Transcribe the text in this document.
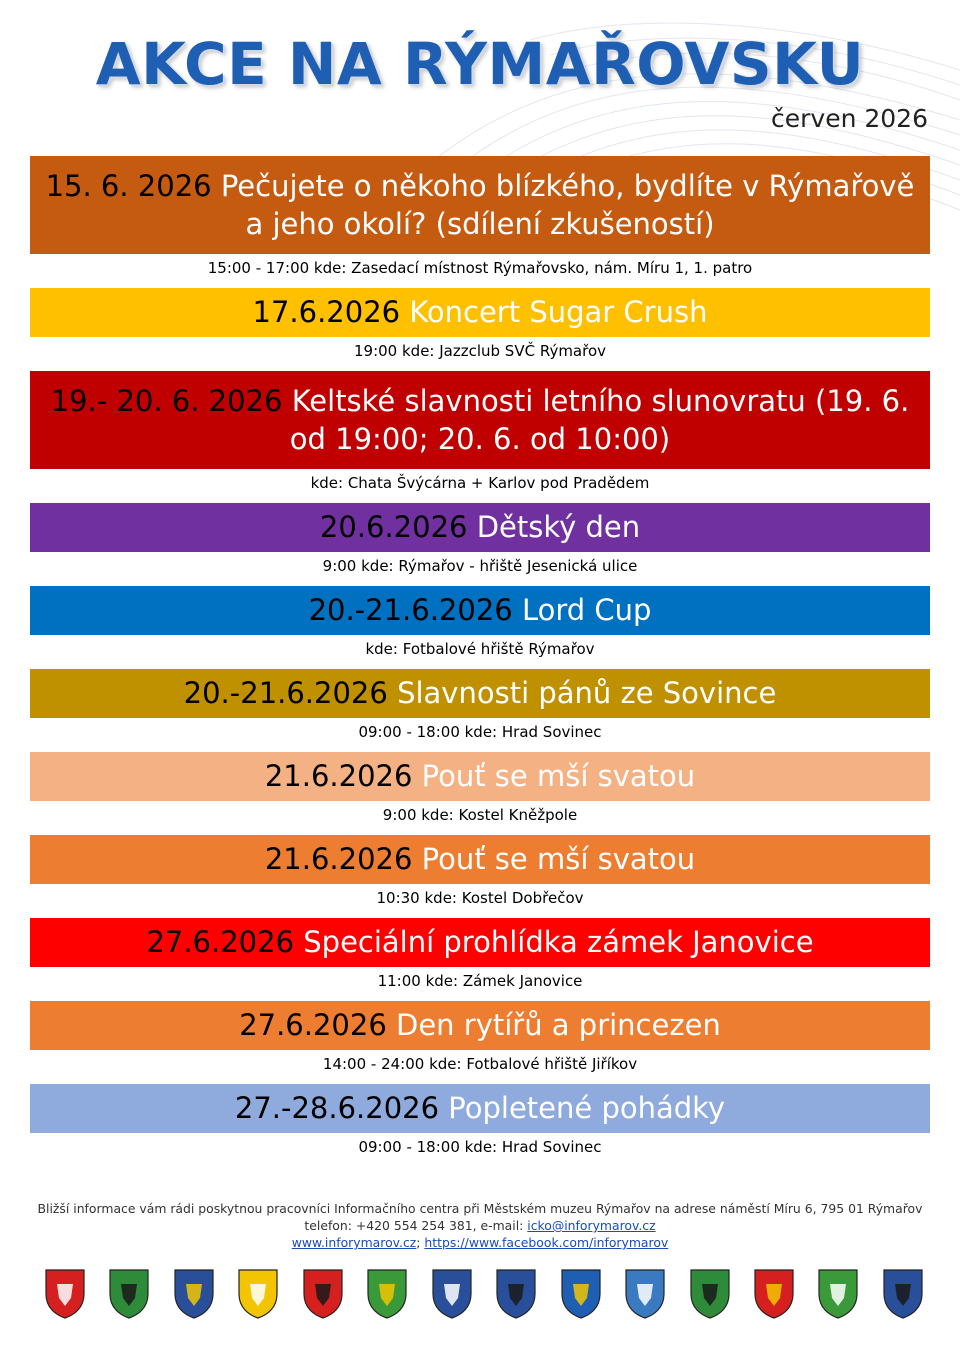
AKCE NA RÝMAŘOVSKU
červen 2026
15. 6. 2026 Pečujete o někoho blízkého, bydlíte v Rýmařově a jeho okolí? (sdílení zkušeností)
15:00 - 17:00 kde: Zasedací místnost Rýmařovsko, nám. Míru 1, 1. patro
17.6.2026 Koncert Sugar Crush
19:00 kde: Jazzclub SVČ Rýmařov
19.- 20. 6. 2026 Keltské slavnosti letního slunovratu (19. 6. od 19:00; 20. 6. od 10:00)
kde: Chata Švýcárna + Karlov pod Pradědem
20.6.2026 Dětský den
9:00 kde: Rýmařov - hřiště Jesenická ulice
20.-21.6.2026 Lord Cup
kde: Fotbalové hřiště Rýmařov
20.-21.6.2026 Slavnosti pánů ze Sovince
09:00 - 18:00 kde: Hrad Sovinec
21.6.2026 Pouť se mší svatou
9:00 kde: Kostel Kněžpole
21.6.2026 Pouť se mší svatou
10:30 kde: Kostel Dobřečov
27.6.2026 Speciální prohlídka zámek Janovice
11:00 kde: Zámek Janovice
27.6.2026 Den rytířů a princezen
14:00 - 24:00 kde: Fotbalové hřiště Jiříkov
27.-28.6.2026 Popletené pohádky
09:00 - 18:00 kde: Hrad Sovinec
Bližší informace vám rádi poskytnou pracovníci Informačního centra při Městském muzeu Rýmařov na adrese náměstí Míru 6, 795 01 Rýmařov
telefon: +420 554 254 381, e-mail: icko@inforymarov.cz
www.inforymarov.cz; https://www.facebook.com/inforymarov
